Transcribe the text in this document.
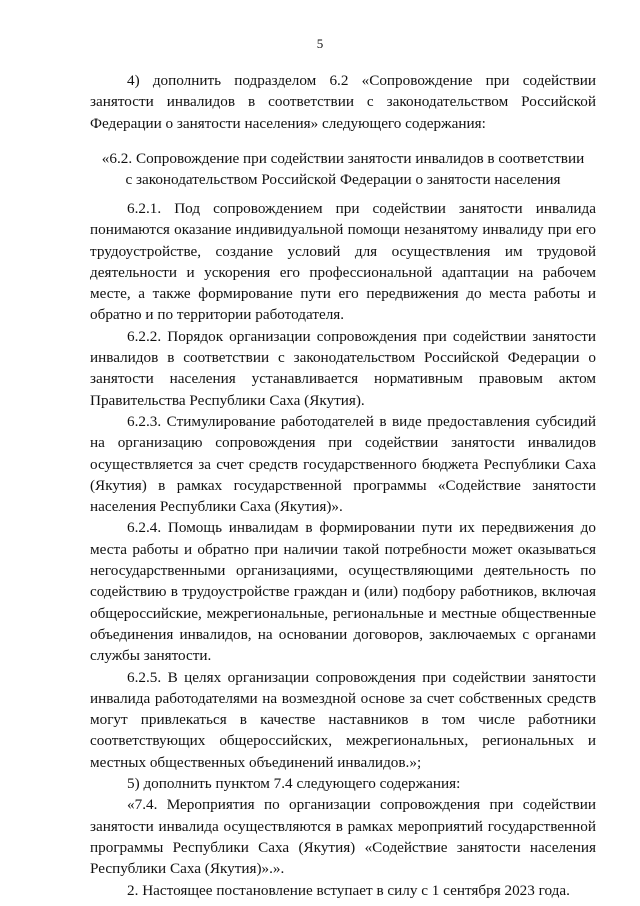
5

4) дополнить подразделом 6.2 «Сопровождение при содействии занятости инвалидов в соответствии с законодательством Российской Федерации о занятости населения» следующего содержания:

«6.2. Сопровождение при содействии занятости инвалидов в соответствии
с законодательством Российской Федерации о занятости населения

6.2.1. Под сопровождением при содействии занятости инвалида понимаются оказание индивидуальной помощи незанятому инвалиду при его трудоустройстве, создание условий для осуществления им трудовой деятельности и ускорения его профессиональной адаптации на рабочем месте, а также формирование пути его передвижения до места работы и обратно и по территории работодателя.

6.2.2. Порядок организации сопровождения при содействии занятости инвалидов в соответствии с законодательством Российской Федерации о занятости населения устанавливается нормативным правовым актом Правительства Республики Саха (Якутия).

6.2.3. Стимулирование работодателей в виде предоставления субсидий на организацию сопровождения при содействии занятости инвалидов осуществляется за счет средств государственного бюджета Республики Саха (Якутия) в рамках государственной программы «Содействие занятости населения Республики Саха (Якутия)».

6.2.4. Помощь инвалидам в формировании пути их передвижения до места работы и обратно при наличии такой потребности может оказываться негосударственными организациями, осуществляющими деятельность по содействию в трудоустройстве граждан и (или) подбору работников, включая общероссийские, межрегиональные, региональные и местные общественные объединения инвалидов, на основании договоров, заключаемых с органами службы занятости.

6.2.5. В целях организации сопровождения при содействии занятости инвалида работодателями на возмездной основе за счет собственных средств могут привлекаться в качестве наставников в том числе работники соответствующих общероссийских, межрегиональных, региональных и местных общественных объединений инвалидов.»;

5) дополнить пунктом 7.4 следующего содержания:

«7.4. Мероприятия по организации сопровождения при содействии занятости инвалида осуществляются в рамках мероприятий государственной программы Республики Саха (Якутия) «Содействие занятости населения Республики Саха (Якутия)».».

2. Настоящее постановление вступает в силу с 1 сентября 2023 года.
